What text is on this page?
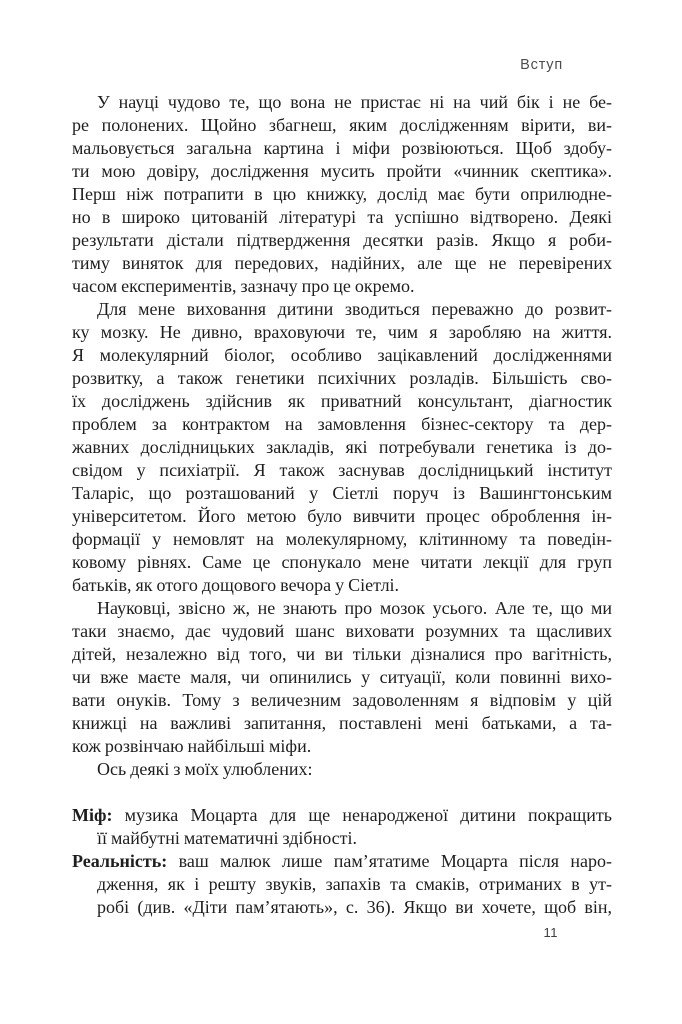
Вступ
У науці чудово те, що вона не пристає ні на чий бік і не бе-
ре полонених. Щойно збагнеш, яким дослідженням вірити, ви-
мальовується загальна картина і міфи розвіюються. Щоб здобу-
ти мою довіру, дослідження мусить пройти «чинник скептика».
Перш ніж потрапити в цю книжку, дослід має бути оприлюдне-
но в широко цитованій літературі та успішно відтворено. Деякі
результати дістали підтвердження десятки разів. Якщо я роби-
тиму виняток для передових, надійних, але ще не перевірених
часом експериментів, зазначу про це окремо.
Для мене виховання дитини зводиться переважно до розвит-
ку мозку. Не дивно, враховуючи те, чим я заробляю на життя.
Я молекулярний біолог, особливо зацікавлений дослідженнями
розвитку, а також генетики психічних розладів. Більшість сво-
їх досліджень здійснив як приватний консультант, діагностик
проблем за контрактом на замовлення бізнес-сектору та дер-
жавних дослідницьких закладів, які потребували генетика із до-
свідом у психіатрії. Я також заснував дослідницький інститут
Таларіс, що розташований у Сіетлі поруч із Вашингтонським
університетом. Його метою було вивчити процес оброблення ін-
формації у немовлят на молекулярному, клітинному та поведін-
ковому рівнях. Саме це спонукало мене читати лекції для груп
батьків, як отого дощового вечора у Сіетлі.
Науковці, звісно ж, не знають про мозок усього. Але те, що ми
таки знаємо, дає чудовий шанс виховати розумних та щасливих
дітей, незалежно від того, чи ви тільки дізналися про вагітність,
чи вже маєте маля, чи опинились у ситуації, коли повинні вихо-
вати онуків. Тому з величезним задоволенням я відповім у цій
книжці на важливі запитання, поставлені мені батьками, а та-
кож розвінчаю найбільші міфи.
Ось деякі з моїх улюблених:
Міф: музика Моцарта для ще ненародженої дитини покращить
її майбутні математичні здібності.
Реальність: ваш малюк лише пам’ятатиме Моцарта після наро-
дження, як і решту звуків, запахів та смаків, отриманих в ут-
робі (див. «Діти пам’ятають», с. 36). Якщо ви хочете, щоб він,
11
